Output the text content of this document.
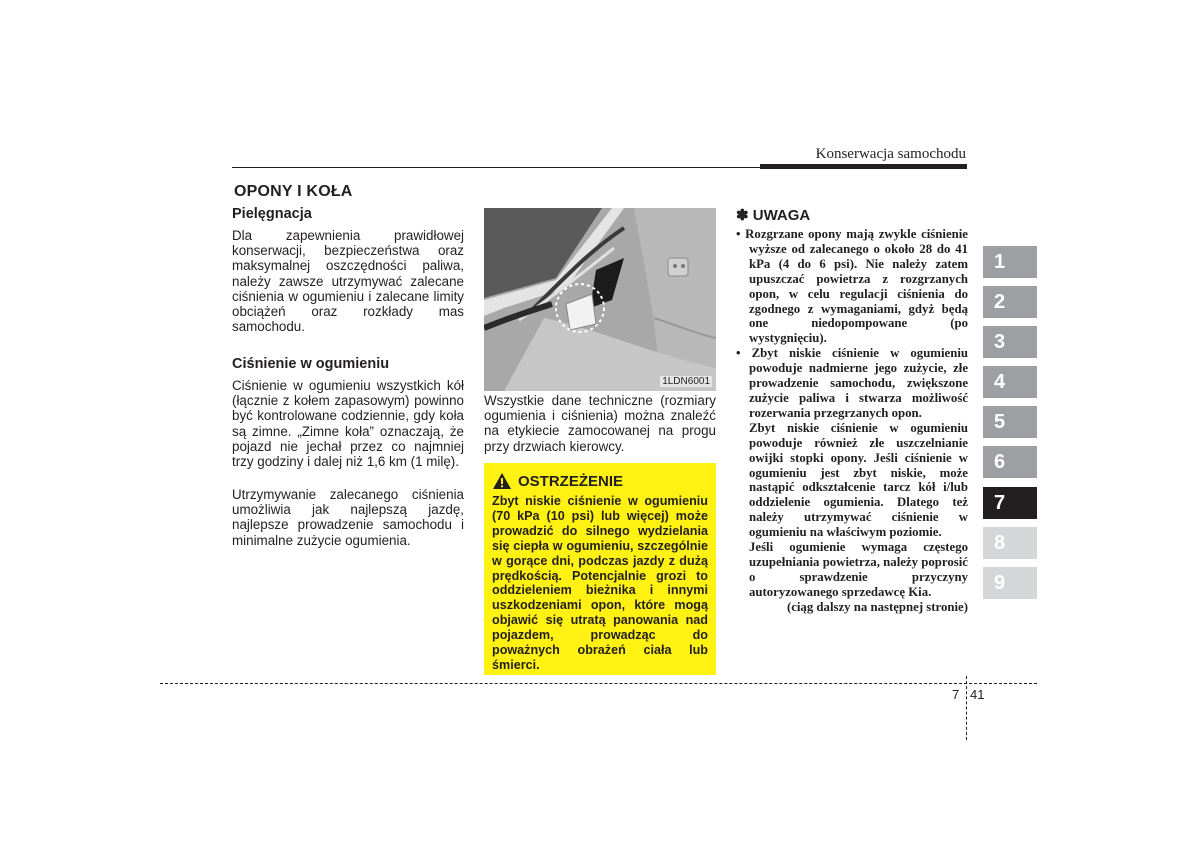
Konserwacja samochodu
OPONY I KOŁA
Pielęgnacja

Dla zapewnienia prawidłowej konserwacji, bezpieczeństwa oraz maksymalnej oszczędności paliwa, należy zawsze utrzymywać zalecane ciśnienia w ogumieniu i zalecane limity obciążeń oraz rozkłady mas samochodu.

Ciśnienie w ogumieniu

Ciśnienie w ogumieniu wszystkich kół (łącznie z kołem zapasowym) powinno być kontrolowane codziennie, gdy koła są zimne. „Zimne koła” oznaczają, że pojazd nie jechał przez co najmniej trzy godziny i dalej niż 1,6 km (1 milę).

Utrzymywanie zalecanego ciśnienia umożliwia jak najlepszą jazdę, najlepsze prowadzenie samochodu i minimalne zużycie ogumienia.

1LDN6001

Wszystkie dane techniczne (rozmiary ogumienia i ciśnienia) można znaleźć na etykiecie zamocowanej na progu przy drzwiach kierowcy.

OSTRZEŻENIE

Zbyt niskie ciśnienie w ogumieniu (70 kPa (10 psi) lub więcej) może prowadzić do silnego wydzielania się ciepła w ogumieniu, szczególnie w gorące dni, podczas jazdy z dużą prędkością. Potencjalnie grozi to oddzieleniem bieżnika i innymi uszkodzeniami opon, które mogą objawić się utratą panowania nad pojazdem, prowadząc do poważnych obrażeń ciała lub śmierci.

✽ UWAGA

• Rozgrzane opony mają zwykle ciśnienie wyższe od zalecanego o około 28 do 41 kPa (4 do 6 psi). Nie należy zatem upuszczać powietrza z rozgrzanych opon, w celu regulacji ciśnienia do zgodnego z wymaganiami, gdyż będą one niedopompowane (po wystygnięciu).

• Zbyt niskie ciśnienie w ogumieniu powoduje nadmierne jego zużycie, złe prowadzenie samochodu, zwiększone zużycie paliwa i stwarza możliwość rozerwania przegrzanych opon.

Zbyt niskie ciśnienie w ogumieniu powoduje również złe uszczelnianie owijki stopki opony. Jeśli ciśnienie w ogumieniu jest zbyt niskie, może nastąpić odkształcenie tarcz kół i/lub oddzielenie ogumienia. Dlatego też należy utrzymywać ciśnienie w ogumieniu na właściwym poziomie.

Jeśli ogumienie wymaga częstego uzupełniania powietrza, należy poprosić o sprawdzenie przyczyny autoryzowanego sprzedawcę Kia.

(ciąg dalszy na następnej stronie)

1
2
3
4
5
6
7
8
9
7 41
